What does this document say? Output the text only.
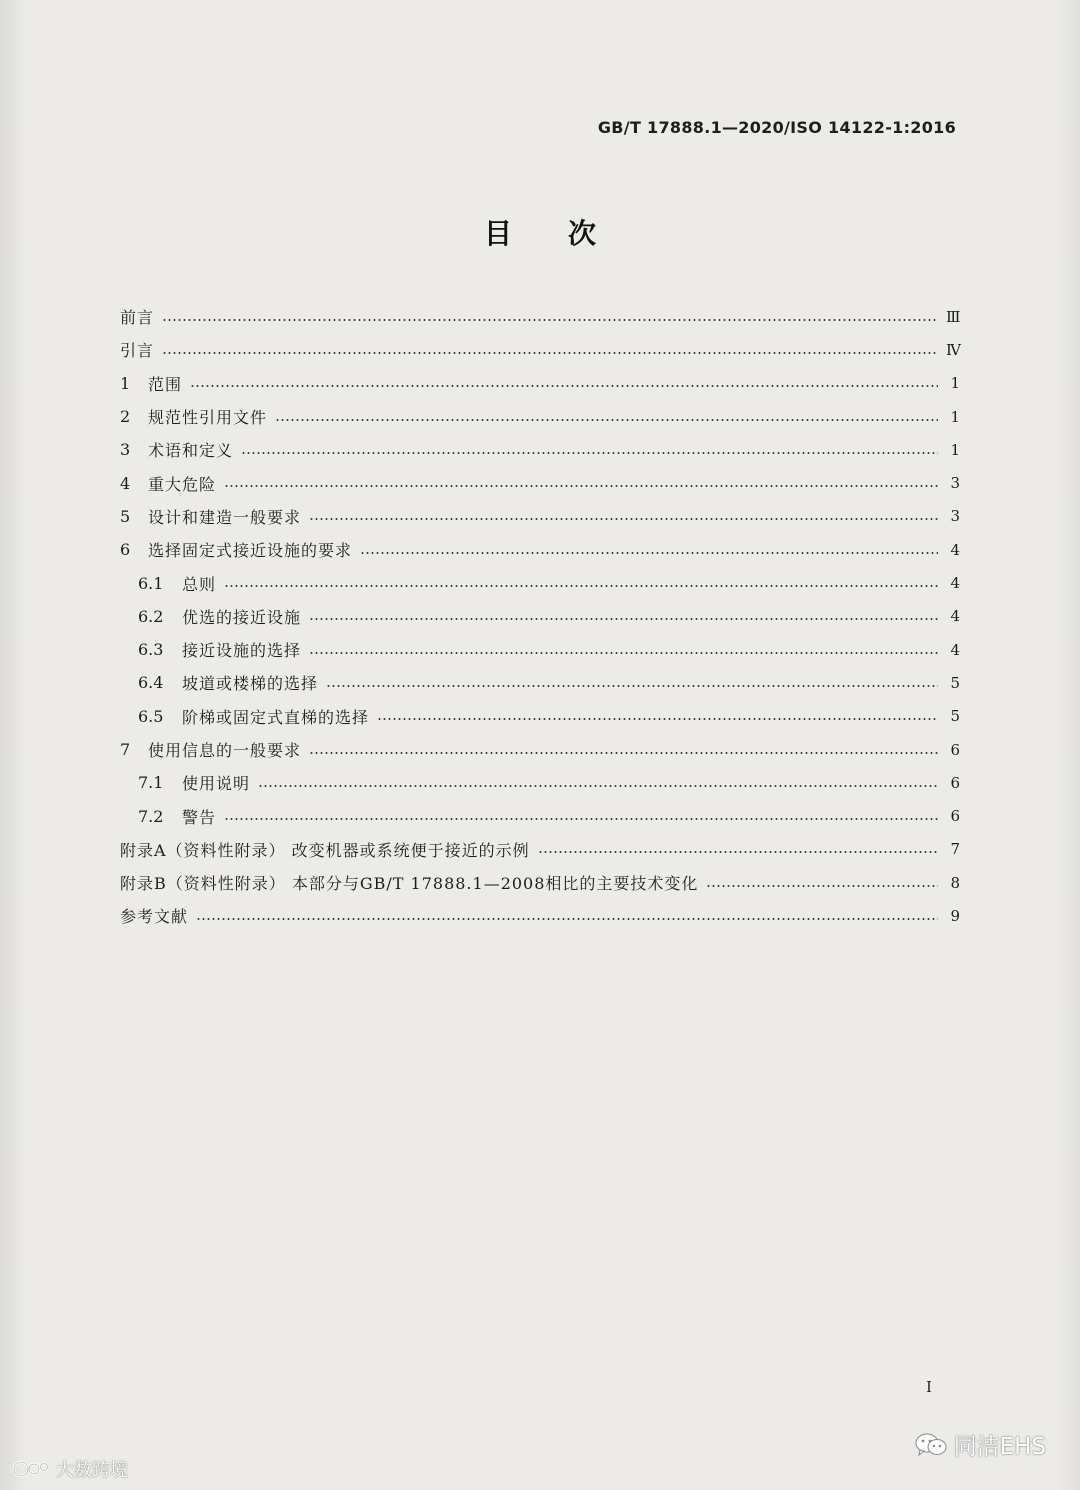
GB/T 17888.1—2020/ISO 14122-1:2016
目次
前言	Ⅲ
引言	Ⅳ
1	范围	1
2	规范性引用文件	1
3	术语和定义	1
4	重大危险	3
5	设计和建造一般要求	3
6	选择固定式接近设施的要求	4
6.1	总则	4
6.2	优选的接近设施	4
6.3	接近设施的选择	4
6.4	坡道或楼梯的选择	5
6.5	阶梯或固定式直梯的选择	5
7	使用信息的一般要求	6
7.1	使用说明	6
7.2	警告	6
附录A（资料性附录） 改变机器或系统便于接近的示例	7
附录B（资料性附录） 本部分与GB/T 17888.1—2008相比的主要技术变化	8
参考文献	9
I
大数跨境
同洁EHS
